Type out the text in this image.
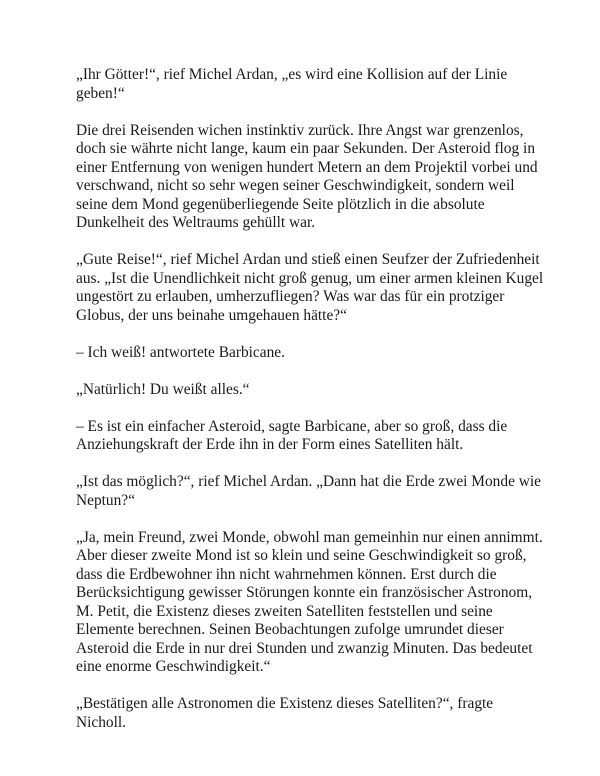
„Ihr Götter!“, rief Michel Ardan, „es wird eine Kollision auf der Linie
geben!“

Die drei Reisenden wichen instinktiv zurück. Ihre Angst war grenzenlos,
doch sie währte nicht lange, kaum ein paar Sekunden. Der Asteroid flog in
einer Entfernung von wenigen hundert Metern an dem Projektil vorbei und
verschwand, nicht so sehr wegen seiner Geschwindigkeit, sondern weil
seine dem Mond gegenüberliegende Seite plötzlich in die absolute
Dunkelheit des Weltraums gehüllt war.

„Gute Reise!“, rief Michel Ardan und stieß einen Seufzer der Zufriedenheit
aus. „Ist die Unendlichkeit nicht groß genug, um einer armen kleinen Kugel
ungestört zu erlauben, umherzufliegen? Was war das für ein protziger
Globus, der uns beinahe umgehauen hätte?“

– Ich weiß! antwortete Barbicane.

„Natürlich! Du weißt alles.“

– Es ist ein einfacher Asteroid, sagte Barbicane, aber so groß, dass die
Anziehungskraft der Erde ihn in der Form eines Satelliten hält.

„Ist das möglich?“, rief Michel Ardan. „Dann hat die Erde zwei Monde wie
Neptun?“

„Ja, mein Freund, zwei Monde, obwohl man gemeinhin nur einen annimmt.
Aber dieser zweite Mond ist so klein und seine Geschwindigkeit so groß,
dass die Erdbewohner ihn nicht wahrnehmen können. Erst durch die
Berücksichtigung gewisser Störungen konnte ein französischer Astronom,
M. Petit, die Existenz dieses zweiten Satelliten feststellen und seine
Elemente berechnen. Seinen Beobachtungen zufolge umrundet dieser
Asteroid die Erde in nur drei Stunden und zwanzig Minuten. Das bedeutet
eine enorme Geschwindigkeit.“

„Bestätigen alle Astronomen die Existenz dieses Satelliten?“, fragte
Nicholl.
